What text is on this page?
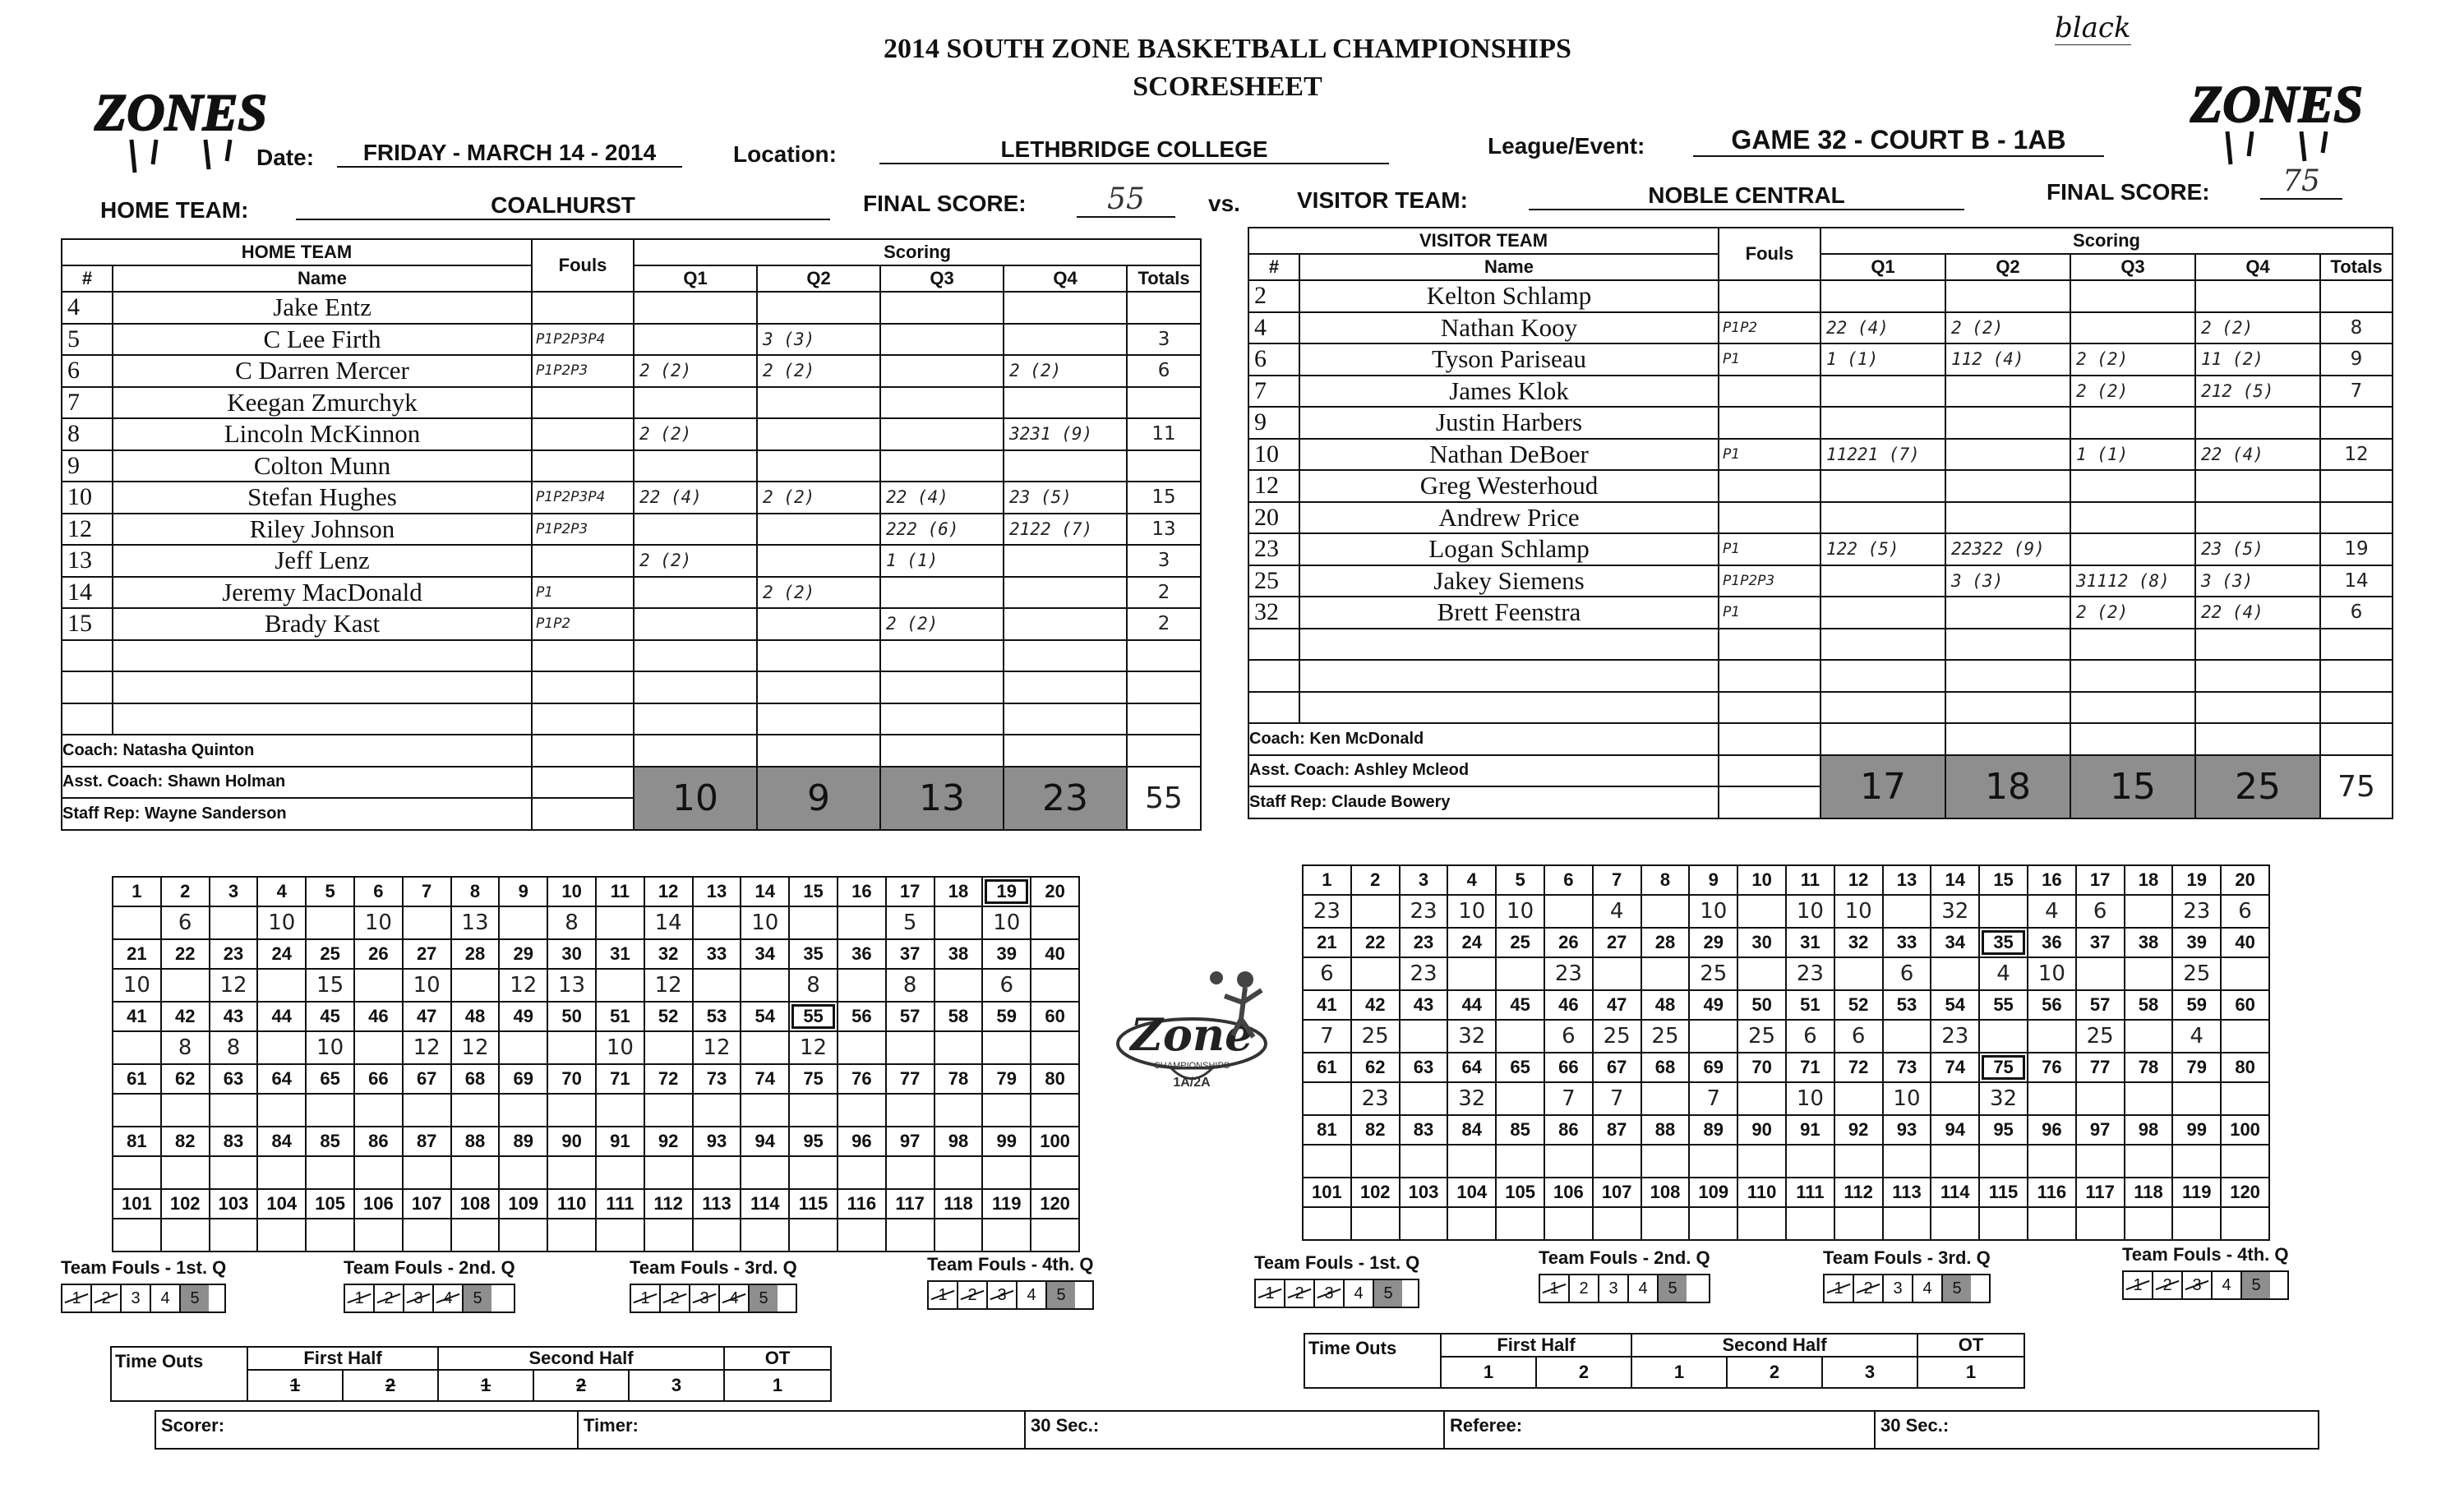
2014 SOUTH ZONE BASKETBALL CHAMPIONSHIPS
SCORESHEET
black
ZONES	ZONES
Date:	FRIDAY - MARCH 14 - 2014	Location:	LETHBRIDGE COLLEGE	League/Event:	GAME 32 - COURT B - 1AB
HOME TEAM:	COALHURST	FINAL SCORE:	55	vs. VISITOR TEAM:	NOBLE CENTRAL	FINAL SCORE:	75
HOME TEAM		Fouls	Scoring				
#	Name		Q1	Q2	Q3	Q4	Totals
4	Jake Entz						
5	C Lee Firth	P1P2P3P4		3 (3)			3
6	C Darren Mercer	P1P2P3	2 (2)	2 (2)		2 (2)	6
7	Keegan Zmurchyk						
8	Lincoln McKinnon		2 (2)			3231 (9)	11
9	Colton Munn						
10	Stefan Hughes	P1P2P3P4	22 (4)	2 (2)	22 (4)	23 (5)	15
12	Riley Johnson	P1P2P3			222 (6)	2122 (7)	13
13	Jeff Lenz		2 (2)		1 (1)		3
14	Jeremy MacDonald	P1		2 (2)			2
15	Brady Kast	P1P2			2 (2)		2

Coach: Natasha Quinton							
Asst. Coach: Shawn Holman			10	9	13	23	55
Staff Rep: Wayne Sanderson							
VISITOR TEAM		Fouls	Scoring				
#	Name		Q1	Q2	Q3	Q4	Totals
2	Kelton Schlamp						
4	Nathan Kooy	P1P2	22 (4)	2 (2)		2 (2)	8
6	Tyson Pariseau	P1	1 (1)	112 (4)	2 (2)	11 (2)	9
7	James Klok				2 (2)	212 (5)	7
9	Justin Harbers						
10	Nathan DeBoer	P1	11221 (7)		1 (1)	22 (4)	12
12	Greg Westerhoud						
20	Andrew Price						
23	Logan Schlamp	P1	122 (5)	22322 (9)		23 (5)	19
25	Jakey Siemens	P1P2P3		3 (3)	31112 (8)	3 (3)	14
32	Brett Feenstra	P1			2 (2)	22 (4)	6

Coach: Ken McDonald							
Asst. Coach: Ashley Mcleod			17	18	15	25	75
Staff Rep: Claude Bowery							
1	2	3	4	5	6	7	8	9	10	11	12	13	14	15	16	17	18	19	20
	6		10		10		13		8		14		10			5		10	
21	22	23	24	25	26	27	28	29	30	31	32	33	34	35	36	37	38	39	40
10		12		15		10		12	13		12			8		8		6	
41	42	43	44	45	46	47	48	49	50	51	52	53	54	55	56	57	58	59	60
	8	8		10		12	12			10		12		12					
61	62	63	64	65	66	67	68	69	70	71	72	73	74	75	76	77	78	79	80

81	82	83	84	85	86	87	88	89	90	91	92	93	94	95	96	97	98	99	100

101	102	103	104	105	106	107	108	109	110	111	112	113	114	115	116	117	118	119	120

1	2	3	4	5	6	7	8	9	10	11	12	13	14	15	16	17	18	19	20
23		23	10	10		4		10		10	10		32		4	6		23	6
21	22	23	24	25	26	27	28	29	30	31	32	33	34	35	36	37	38	39	40
6		23			23			25		23		6		4	10			25	
41	42	43	44	45	46	47	48	49	50	51	52	53	54	55	56	57	58	59	60
7	25		32		6	25	25		25	6	6		23			25		4	
61	62	63	64	65	66	67	68	69	70	71	72	73	74	75	76	77	78	79	80
	23		32		7	7		7		10		10		32					
81	82	83	84	85	86	87	88	89	90	91	92	93	94	95	96	97	98	99	100

101	102	103	104	105	106	107	108	109	110	111	112	113	114	115	116	117	118	119	120

Zone
CHAMPIONSHIPS
1A/2A
Team Fouls - 1st. Q
1	2	3	4	5
Team Fouls - 2nd. Q
1	2	3	4	5
Team Fouls - 3rd. Q
1	2	3	4	5
Team Fouls - 4th. Q
1	2	3	4	5
Team Fouls - 1st. Q
1	2	3	4	5
Team Fouls - 2nd. Q
1	2	3	4	5
Team Fouls - 3rd. Q
1	2	3	4	5
Team Fouls - 4th. Q
1	2	3	4	5
Time Outs	First Half		Second Half			OT
	1	2	1	2	3	1
Time Outs	First Half		Second Half			OT
	1	2	1	2	3	1
Scorer:	Timer:	30 Sec.:	Referee:	30 Sec.:
